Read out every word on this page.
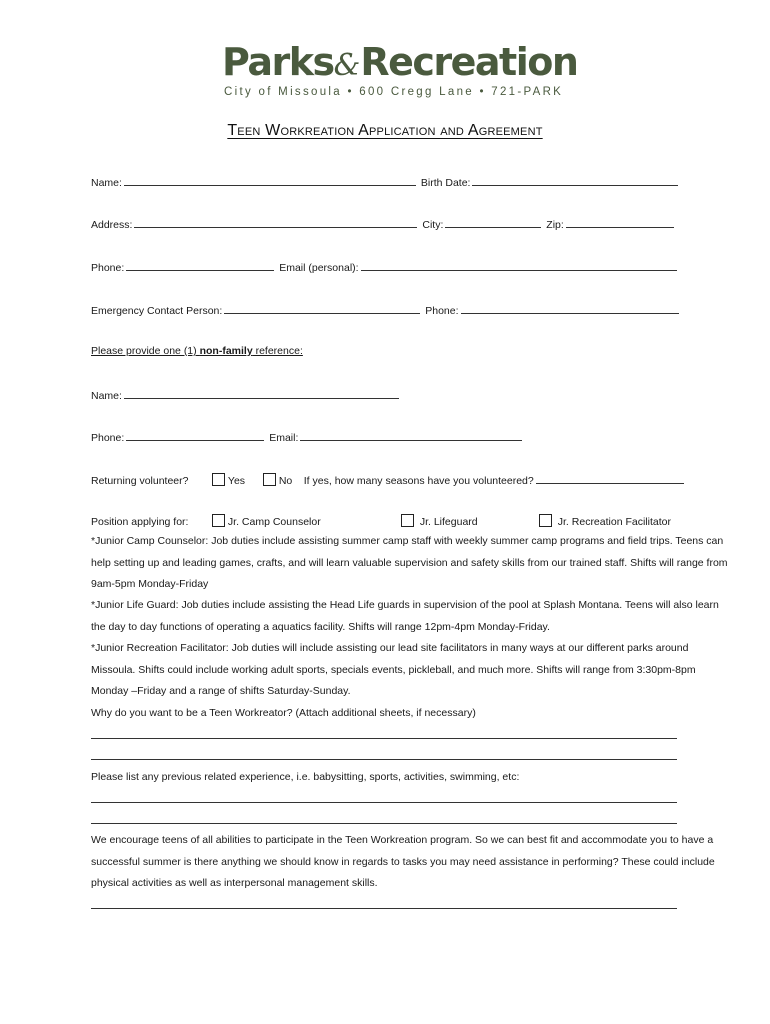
Parks&Recreation
City of Missoula • 600 Cregg Lane • 721-PARK
Teen Workreation Application and Agreement
Name:	Birth Date:
Address:	City:	Zip:
Phone:	Email (personal):
Emergency Contact Person:	Phone:
Please provide one (1) non-family reference:
Name:
Phone:	Email:
Returning volunteer?	Yes	No If yes, how many seasons have you volunteered?
Position applying for:	Jr. Camp Counselor	Jr. Lifeguard	Jr. Recreation Facilitator
*Junior Camp Counselor: Job duties include assisting summer camp staff with weekly summer camp programs and field trips. Teens can help setting up and leading games, crafts, and will learn valuable supervision and safety skills from our trained staff. Shifts will range from 9am-5pm Monday-Friday
*Junior Life Guard: Job duties include assisting the Head Life guards in supervision of the pool at Splash Montana. Teens will also learn the day to day functions of operating a aquatics facility. Shifts will range 12pm-4pm Monday-Friday.
*Junior Recreation Facilitator: Job duties will include assisting our lead site facilitators in many ways at our different parks around Missoula. Shifts could include working adult sports, specials events, pickleball, and much more. Shifts will range from 3:30pm-8pm Monday –Friday and a range of shifts Saturday-Sunday.
Why do you want to be a Teen Workreator? (Attach additional sheets, if necessary)
Please list any previous related experience, i.e. babysitting, sports, activities, swimming, etc:
We encourage teens of all abilities to participate in the Teen Workreation program. So we can best fit and accommodate you to have a successful summer is there anything we should know in regards to tasks you may need assistance in performing? These could include physical activities as well as interpersonal management skills.
